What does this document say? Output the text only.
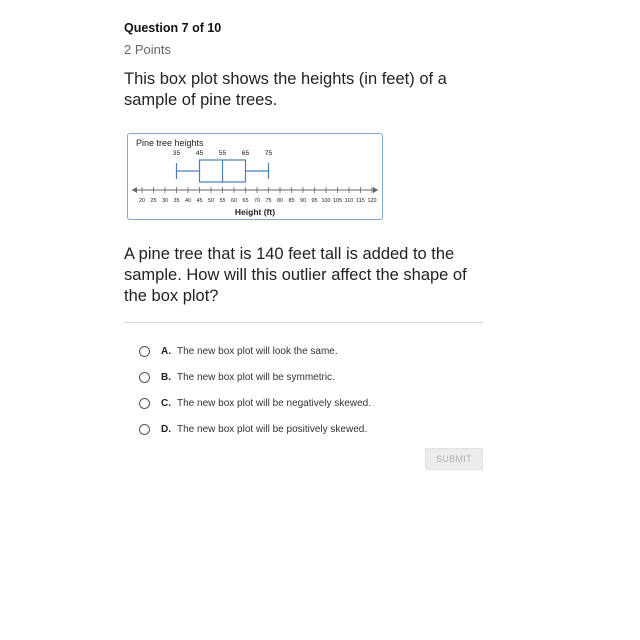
Question 7 of 10
2 Points
This box plot shows the heights (in feet) of a sample of pine trees.
Pine tree heights
20 25 30 35 40 45 50 55 60 65 70 75 80 85 90 95 100 105 110 115 120
Height (ft)
35 45 55 65 75
A pine tree that is 140 feet tall is added to the sample. How will this outlier affect the shape of the box plot?
A. The new box plot will look the same.
B. The new box plot will be symmetric.
C. The new box plot will be negatively skewed.
D. The new box plot will be positively skewed.
SUBMIT
